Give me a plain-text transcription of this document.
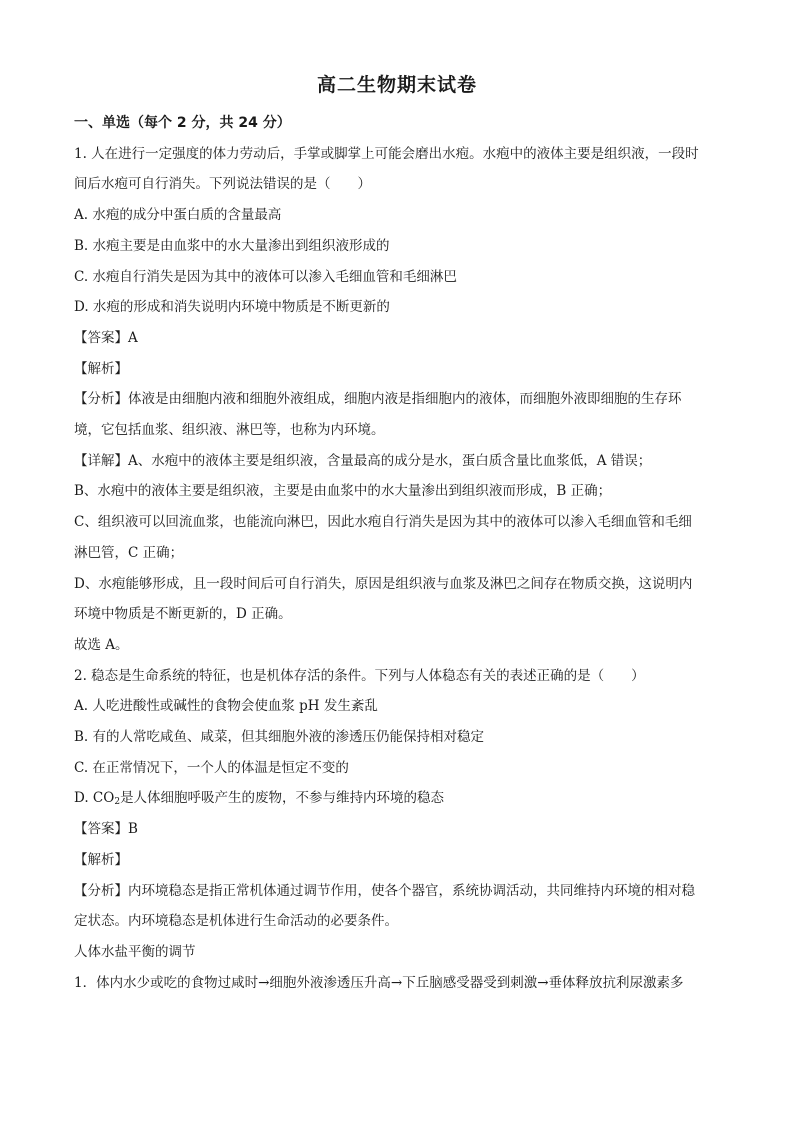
高二生物期末试卷
一、单选（每个 2 分，共 24 分）
1. 人在进行一定强度的体力劳动后，手掌或脚掌上可能会磨出水疱。水疱中的液体主要是组织液，一段时
间后水疱可自行消失。下列说法错误的是（　　）
A. 水疱的成分中蛋白质的含量最高
B. 水疱主要是由血浆中的水大量渗出到组织液形成的
C. 水疱自行消失是因为其中的液体可以渗入毛细血管和毛细淋巴
D. 水疱的形成和消失说明内环境中物质是不断更新的
【答案】A
【解析】
【分析】体液是由细胞内液和细胞外液组成，细胞内液是指细胞内的液体，而细胞外液即细胞的生存环
境，它包括血浆、组织液、淋巴等，也称为内环境。
【详解】A、水疱中的液体主要是组织液，含量最高的成分是水，蛋白质含量比血浆低，A 错误；
B、水疱中的液体主要是组织液，主要是由血浆中的水大量渗出到组织液而形成，B 正确；
C、组织液可以回流血浆，也能流向淋巴，因此水疱自行消失是因为其中的液体可以渗入毛细血管和毛细
淋巴管，C 正确；
D、水疱能够形成，且一段时间后可自行消失，原因是组织液与血浆及淋巴之间存在物质交换，这说明内
环境中物质是不断更新的，D 正确。
故选 A。
2. 稳态是生命系统的特征，也是机体存活的条件。下列与人体稳态有关的表述正确的是（　　）
A. 人吃进酸性或碱性的食物会使血浆 pH 发生紊乱
B. 有的人常吃咸鱼、咸菜，但其细胞外液的渗透压仍能保持相对稳定
C. 在正常情况下，一个人的体温是恒定不变的
D. $CO_2$是人体细胞呼吸产生的废物，不参与维持内环境的稳态
【答案】B
【解析】
【分析】内环境稳态是指正常机体通过调节作用，使各个器官，系统协调活动，共同维持内环境的相对稳
定状态。内环境稳态是机体进行生命活动的必要条件。
人体水盐平衡的调节
1．体内水少或吃的食物过咸时→细胞外液渗透压升高→下丘脑感受器受到刺激→垂体释放抗利尿激素多
